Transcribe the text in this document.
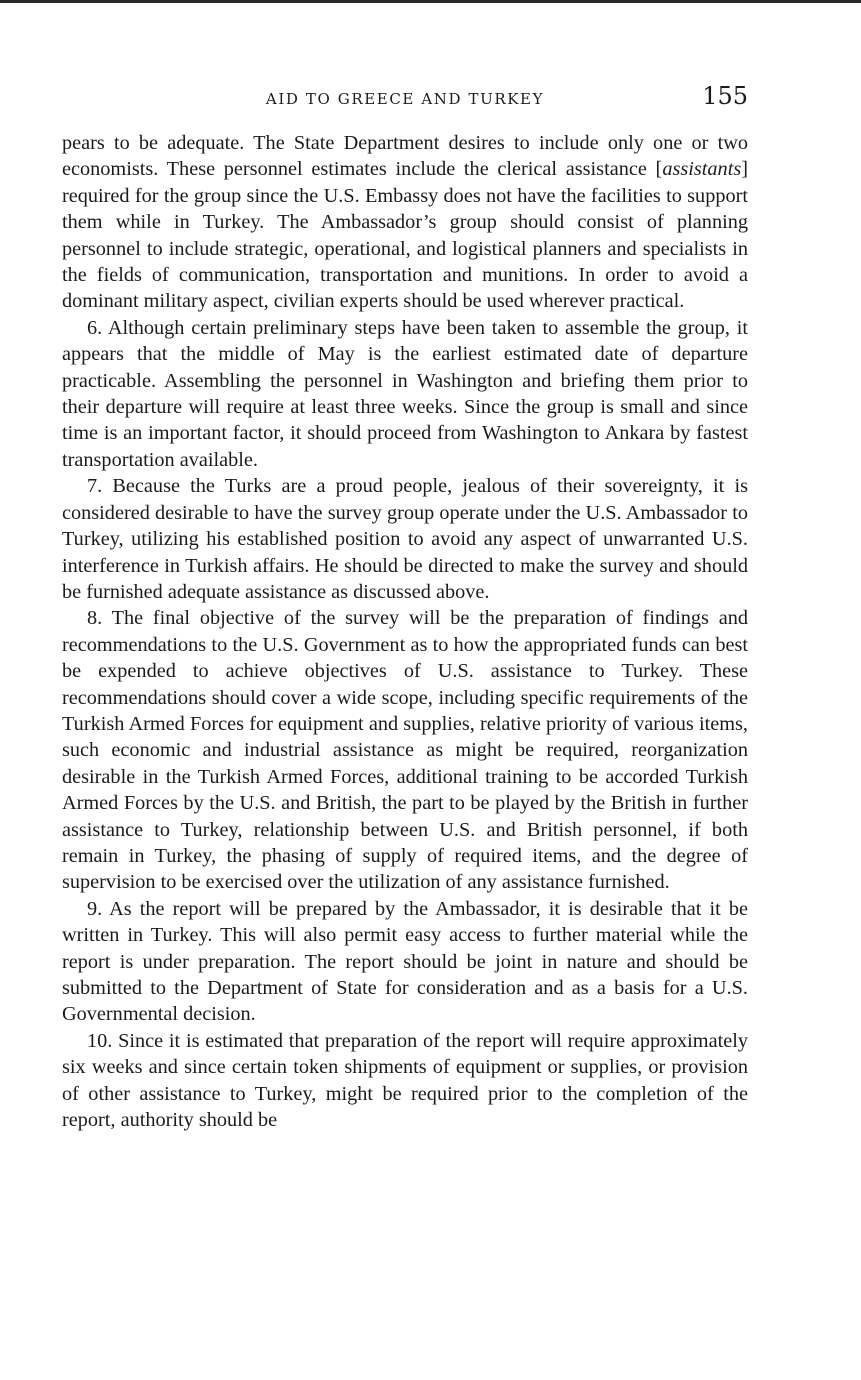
AID TO GREECE AND TURKEY	155

pears to be adequate. The State Department desires to include only one or two economists. These personnel estimates include the clerical assistance [assistants] required for the group since the U.S. Embassy does not have the facilities to support them while in Turkey. The Ambassador’s group should consist of planning personnel to include strategic, operational, and logistical planners and specialists in the fields of communication, transportation and munitions. In order to avoid a dominant military aspect, civilian experts should be used wherever practical.

6. Although certain preliminary steps have been taken to assemble the group, it appears that the middle of May is the earliest estimated date of departure practicable. Assembling the personnel in Washington and briefing them prior to their departure will require at least three weeks. Since the group is small and since time is an important factor, it should proceed from Washington to Ankara by fastest transportation available.

7. Because the Turks are a proud people, jealous of their sovereignty, it is considered desirable to have the survey group operate under the U.S. Ambassador to Turkey, utilizing his established position to avoid any aspect of unwarranted U.S. interference in Turkish affairs. He should be directed to make the survey and should be furnished adequate assistance as discussed above.

8. The final objective of the survey will be the preparation of findings and recommendations to the U.S. Government as to how the appropriated funds can best be expended to achieve objectives of U.S. assistance to Turkey. These recommendations should cover a wide scope, including specific requirements of the Turkish Armed Forces for equipment and supplies, relative priority of various items, such economic and industrial assistance as might be required, reorganization desirable in the Turkish Armed Forces, additional training to be accorded Turkish Armed Forces by the U.S. and British, the part to be played by the British in further assistance to Turkey, relationship between U.S. and British personnel, if both remain in Turkey, the phasing of supply of required items, and the degree of supervision to be exercised over the utilization of any assistance furnished.

9. As the report will be prepared by the Ambassador, it is desirable that it be written in Turkey. This will also permit easy access to further material while the report is under preparation. The report should be joint in nature and should be submitted to the Department of State for consideration and as a basis for a U.S. Governmental decision.

10. Since it is estimated that preparation of the report will require approximately six weeks and since certain token shipments of equipment or supplies, or provision of other assistance to Turkey, might be required prior to the completion of the report, authority should be
